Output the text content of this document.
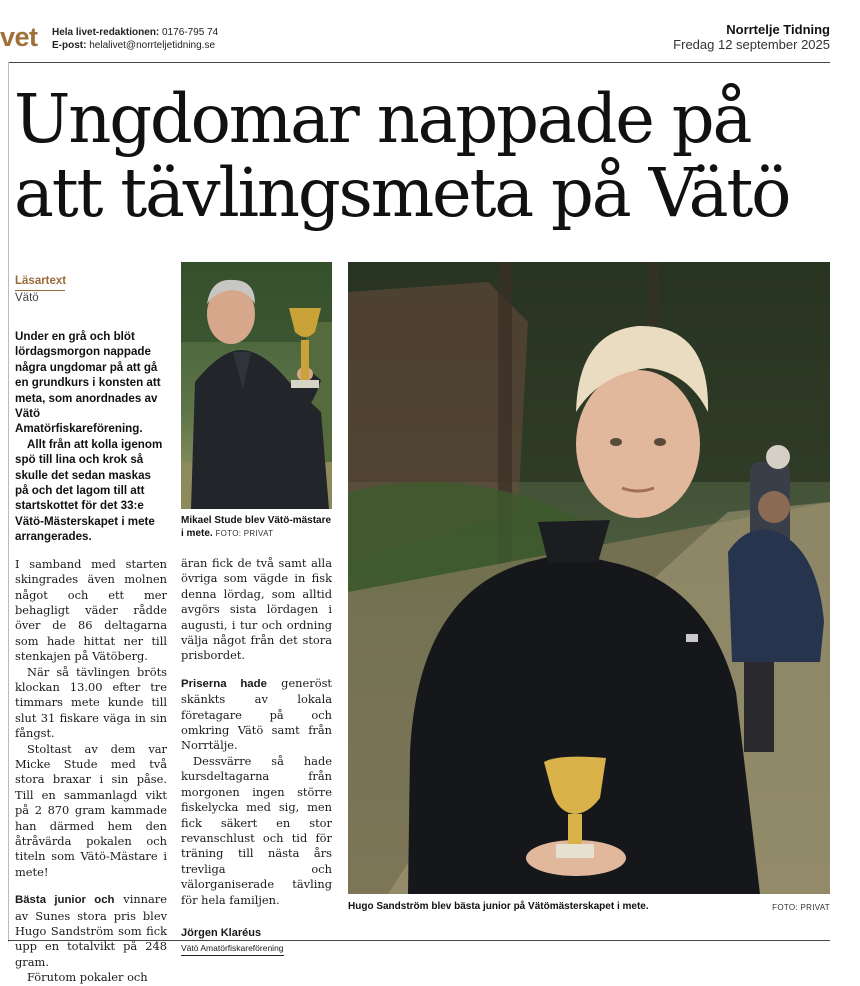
vet Hela livet-redaktionen: 0176-795 74
E-post: helalivet@norrteljetidning.se
Norrtelje Tidning
Fredag 12 september 2025
Ungdomar nappade på
att tävlingsmeta på Vätö
Läsartext
Vätö

Under en grå och blöt lördagsmorgon nappade några ungdomar på att gå en grundkurs i konsten att meta, som anordnades av Vätö Amatörfiskareförening.

Allt från att kolla igenom spö till lina och krok så skulle det sedan maskas på och det lagom till att startskottet för det 33:e Vätö-Mästerskapet i mete arrangerades.

I samband med starten skingrades även molnen något och ett mer behagligt väder rådde över de 86 deltagarna som hade hittat ner till stenkajen på Vätöberg.

När så tävlingen bröts klockan 13.00 efter tre timmars mete kunde till slut 31 fiskare väga in sin fångst.

Stoltast av dem var Micke Stude med två stora braxar i sin påse. Till en sammanlagd vikt på 2 870 gram kammade han därmed hem den åtråvärda pokalen och titeln som Vätö-Mästare i mete!

Bästa junior och vinnare av Sunes stora pris blev Hugo Sandström som fick upp en totalvikt på 248 gram.

Förutom pokaler och

Mikael Stude blev Vätö-mästare i mete. FOTO: PRIVAT

äran fick de två samt alla övriga som vägde in fisk denna lördag, som alltid avgörs sista lördagen i augusti, i tur och ordning välja något från det stora prisbordet.

Priserna hade generöst skänkts av lokala företagare på och omkring Vätö samt från Norrtälje.

Dessvärre så hade kursdeltagarna från morgonen ingen större fiskelycka med sig, men fick säkert en stor revanschlust och tid för träning till nästa års trevliga och välorganiserade tävling för hela familjen.

Jörgen Klaréus
Vätö Amatörfiskareförening
Hugo Sandström blev bästa junior på Vätömästerskapet i mete.	FOTO: PRIVAT
